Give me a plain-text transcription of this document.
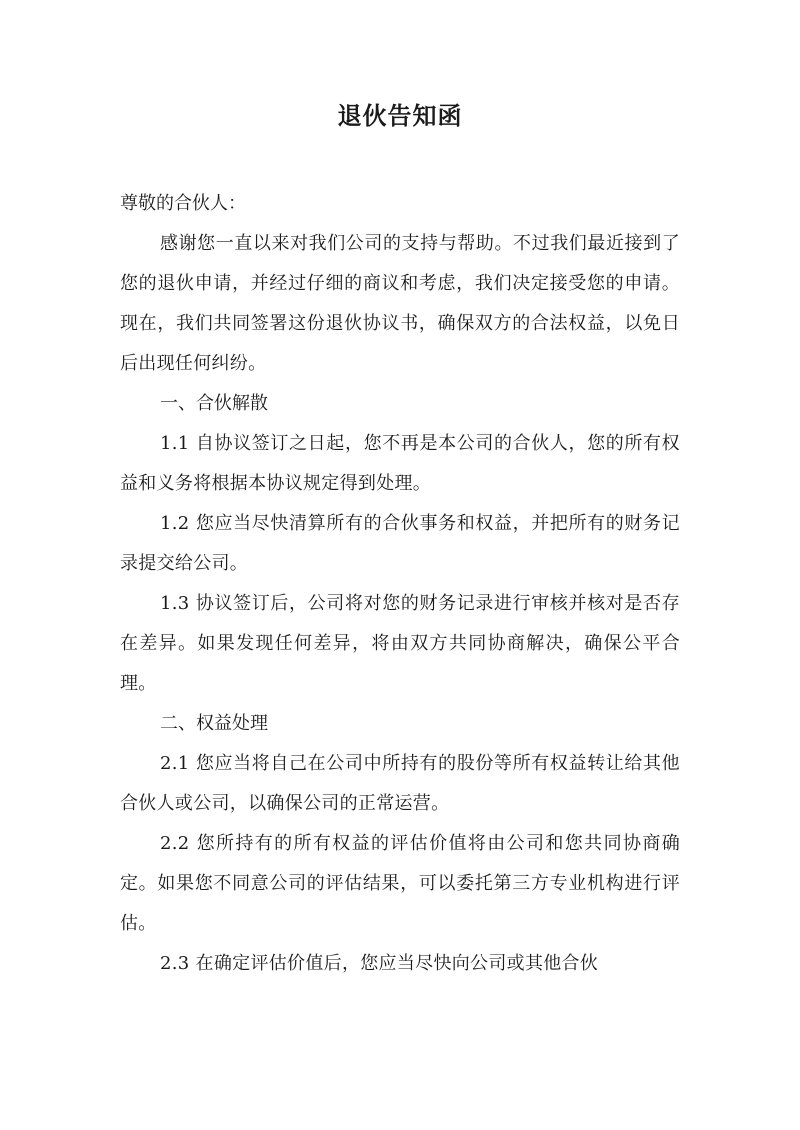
退伙告知函

尊敬的合伙人：

感谢您一直以来对我们公司的支持与帮助。不过我们最近接到了您的退伙申请，并经过仔细的商议和考虑，我们决定接受您的申请。现在，我们共同签署这份退伙协议书，确保双方的合法权益，以免日后出现任何纠纷。

一、合伙解散

1.1 自协议签订之日起，您不再是本公司的合伙人，您的所有权益和义务将根据本协议规定得到处理。

1.2 您应当尽快清算所有的合伙事务和权益，并把所有的财务记录提交给公司。

1.3 协议签订后，公司将对您的财务记录进行审核并核对是否存在差异。如果发现任何差异，将由双方共同协商解决，确保公平合理。

二、权益处理

2.1 您应当将自己在公司中所持有的股份等所有权益转让给其他合伙人或公司，以确保公司的正常运营。

2.2 您所持有的所有权益的评估价值将由公司和您共同协商确定。如果您不同意公司的评估结果，可以委托第三方专业机构进行评估。

2.3 在确定评估价值后，您应当尽快向公司或其他合伙
